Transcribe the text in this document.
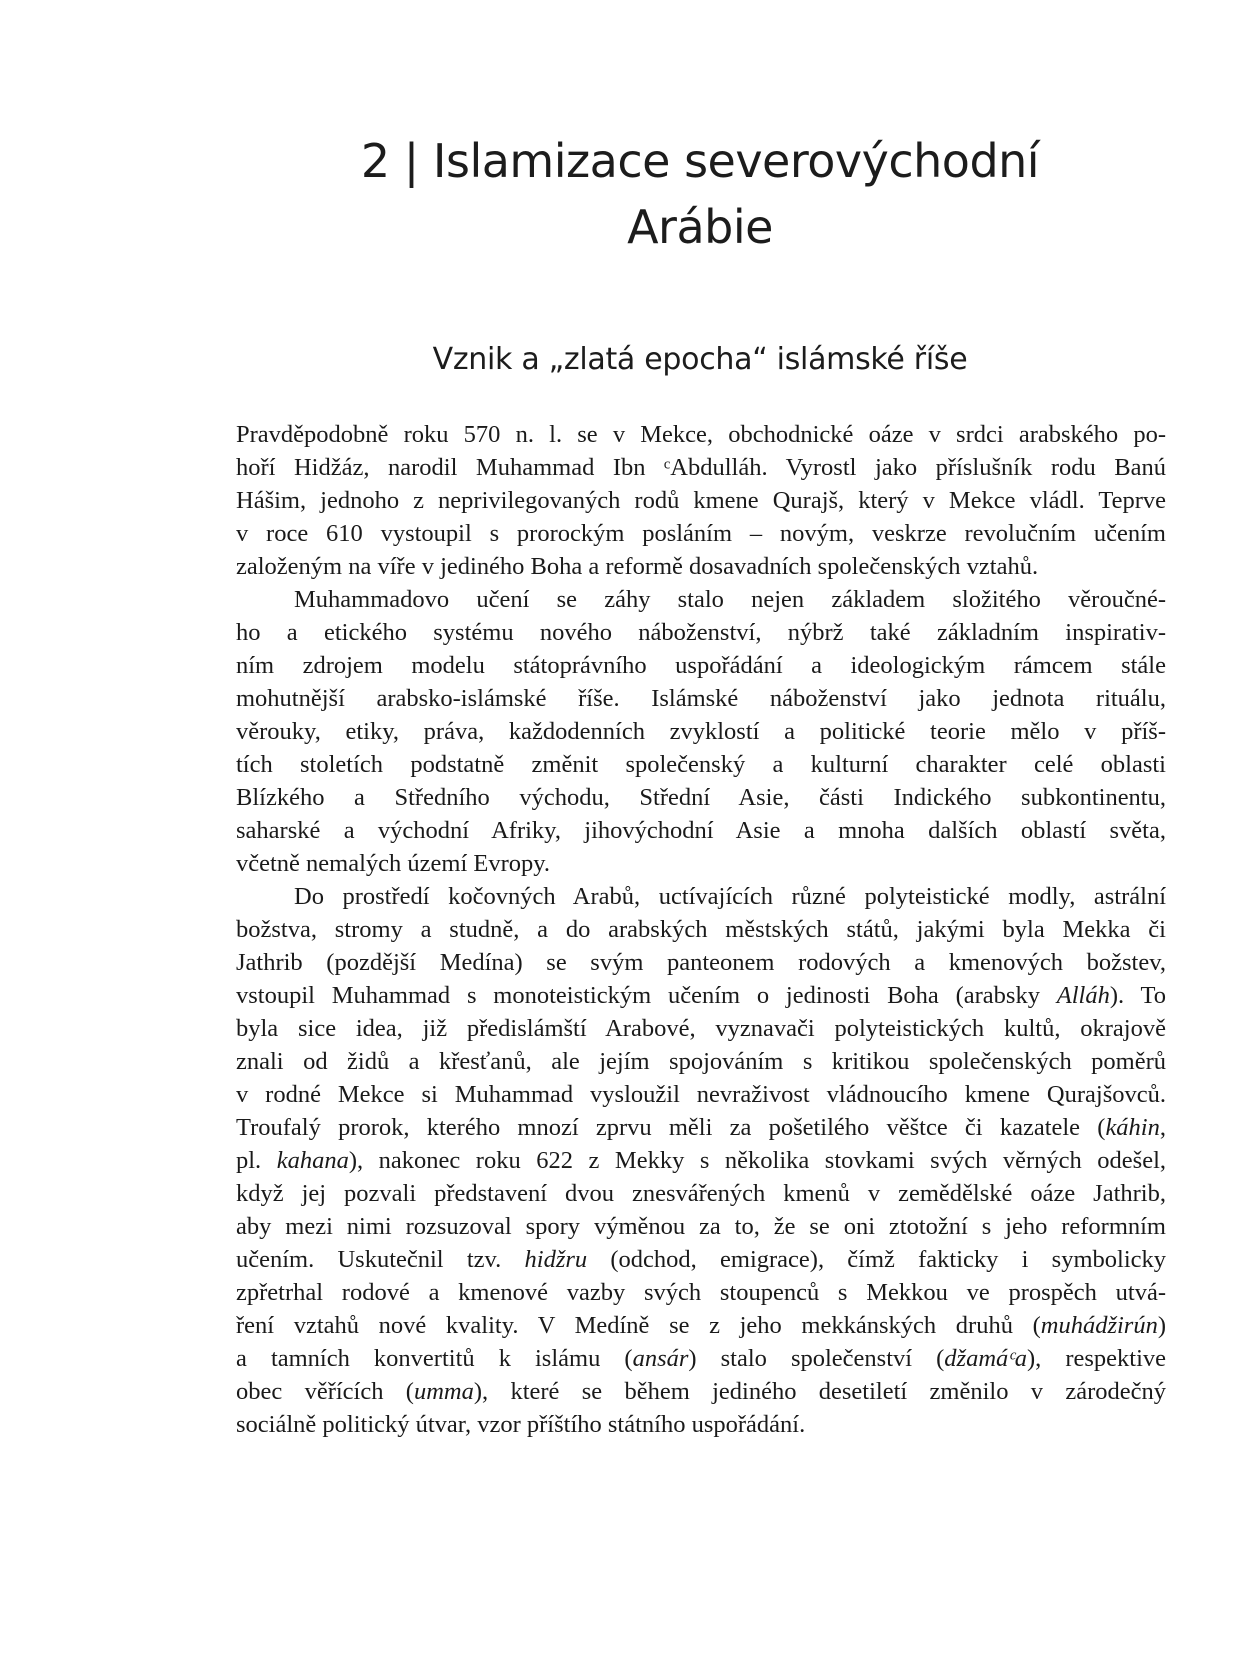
2 | Islamizace severovýchodní
Arábie
Vznik a „zlatá epocha“ islámské říše
Pravděpodobně roku 570 n. l. se v Mekce, obchodnické oáze v srdci arabského po-
hoří Hidžáz, narodil Muhammad Ibn ᶜAbdulláh. Vyrostl jako příslušník rodu Banú
Hášim, jednoho z neprivilegovaných rodů kmene Qurajš, který v Mekce vládl. Teprve
v roce 610 vystoupil s prorockým posláním – novým, veskrze revolučním učením
založeným na víře v jediného Boha a reformě dosavadních společenských vztahů.
Muhammadovo učení se záhy stalo nejen základem složitého věroučné-
ho a etického systému nového náboženství, nýbrž také základním inspirativ-
ním zdrojem modelu státoprávního uspořádání a ideologickým rámcem stále
mohutnější arabsko-islámské říše. Islámské náboženství jako jednota rituálu,
věrouky, etiky, práva, každodenních zvyklostí a politické teorie mělo v příš-
tích stoletích podstatně změnit společenský a kulturní charakter celé oblasti
Blízkého a Středního východu, Střední Asie, části Indického subkontinentu,
saharské a východní Afriky, jihovýchodní Asie a mnoha dalších oblastí světa,
včetně nemalých území Evropy.
Do prostředí kočovných Arabů, uctívajících různé polyteistické modly, astrální
božstva, stromy a studně, a do arabských městských států, jakými byla Mekka či
Jathrib (pozdější Medína) se svým panteonem rodových a kmenových božstev,
vstoupil Muhammad s monoteistickým učením o jedinosti Boha (arabsky Alláh). To
byla sice idea, již předislámští Arabové, vyznavači polyteistických kultů, okrajově
znali od židů a křesťanů, ale jejím spojováním s kritikou společenských poměrů
v rodné Mekce si Muhammad vysloužil nevraživost vládnoucího kmene Qurajšovců.
Troufalý prorok, kterého mnozí zprvu měli za pošetilého věštce či kazatele (káhin,
pl. kahana), nakonec roku 622 z Mekky s několika stovkami svých věrných odešel,
když jej pozvali představení dvou znesvářených kmenů v zemědělské oáze Jathrib,
aby mezi nimi rozsuzoval spory výměnou za to, že se oni ztotožní s jeho reformním
učením. Uskutečnil tzv. hidžru (odchod, emigrace), čímž fakticky i symbolicky
zpřetrhal rodové a kmenové vazby svých stoupenců s Mekkou ve prospěch utvá-
ření vztahů nové kvality. V Medíně se z jeho mekkánských druhů (muhádžirún)
a tamních konvertitů k islámu (ansár) stalo společenství (džamáᶜa), respektive
obec věřících (umma), které se během jediného desetiletí změnilo v zárodečný
sociálně politický útvar, vzor příštího státního uspořádání.
